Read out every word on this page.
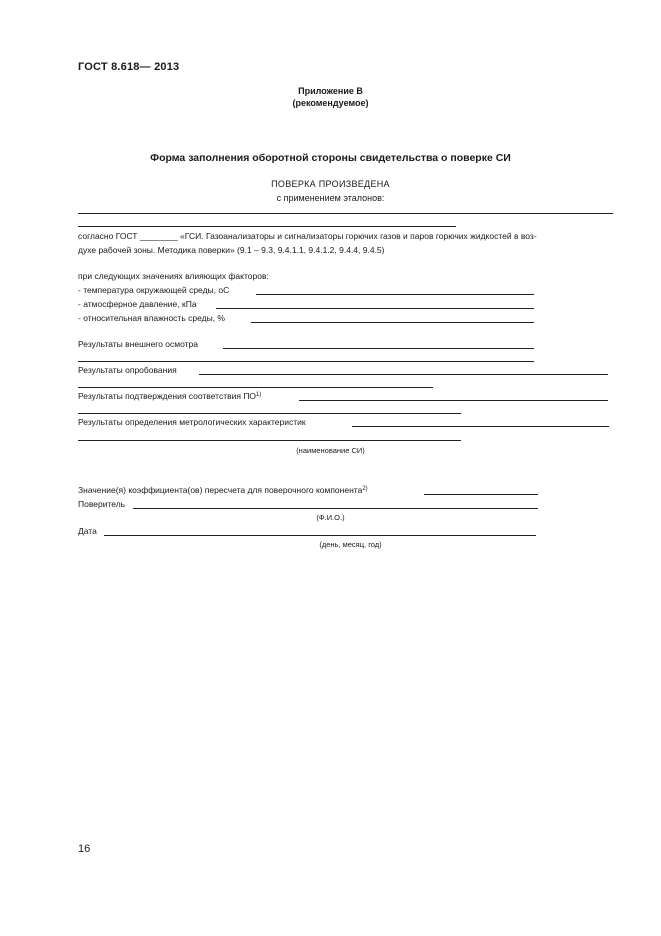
ГОСТ 8.618— 2013
Приложение В
(рекомендуемое)
Форма заполнения оборотной стороны свидетельства о поверке СИ
ПОВЕРКА ПРОИЗВЕДЕНА
с применением эталонов:
согласно ГОСТ ________ «ГСИ. Газоанализаторы и сигнализаторы горючих газов и паров горючих жидкостей в воз-
духе рабочей зоны. Методика поверки» (9.1 – 9.3, 9.4.1.1, 9.4.1.2, 9.4.4, 9.4.5)
при следующих значениях влияющих факторов:
- температура окружающей среды, оС
- атмосферное давление, кПа
- относительная влажность среды, %
Результаты внешнего осмотра
Результаты опробования
Результаты подтверждения соответствия ПО$^{1)}$
Результаты определения метрологических характеристик
(наименование СИ)
Значение(я) коэффициента(ов) пересчета для поверочного компонента$^{2)}$
Поверитель
(Ф.И.О.)
Дата
(день, месяц, год)
16
